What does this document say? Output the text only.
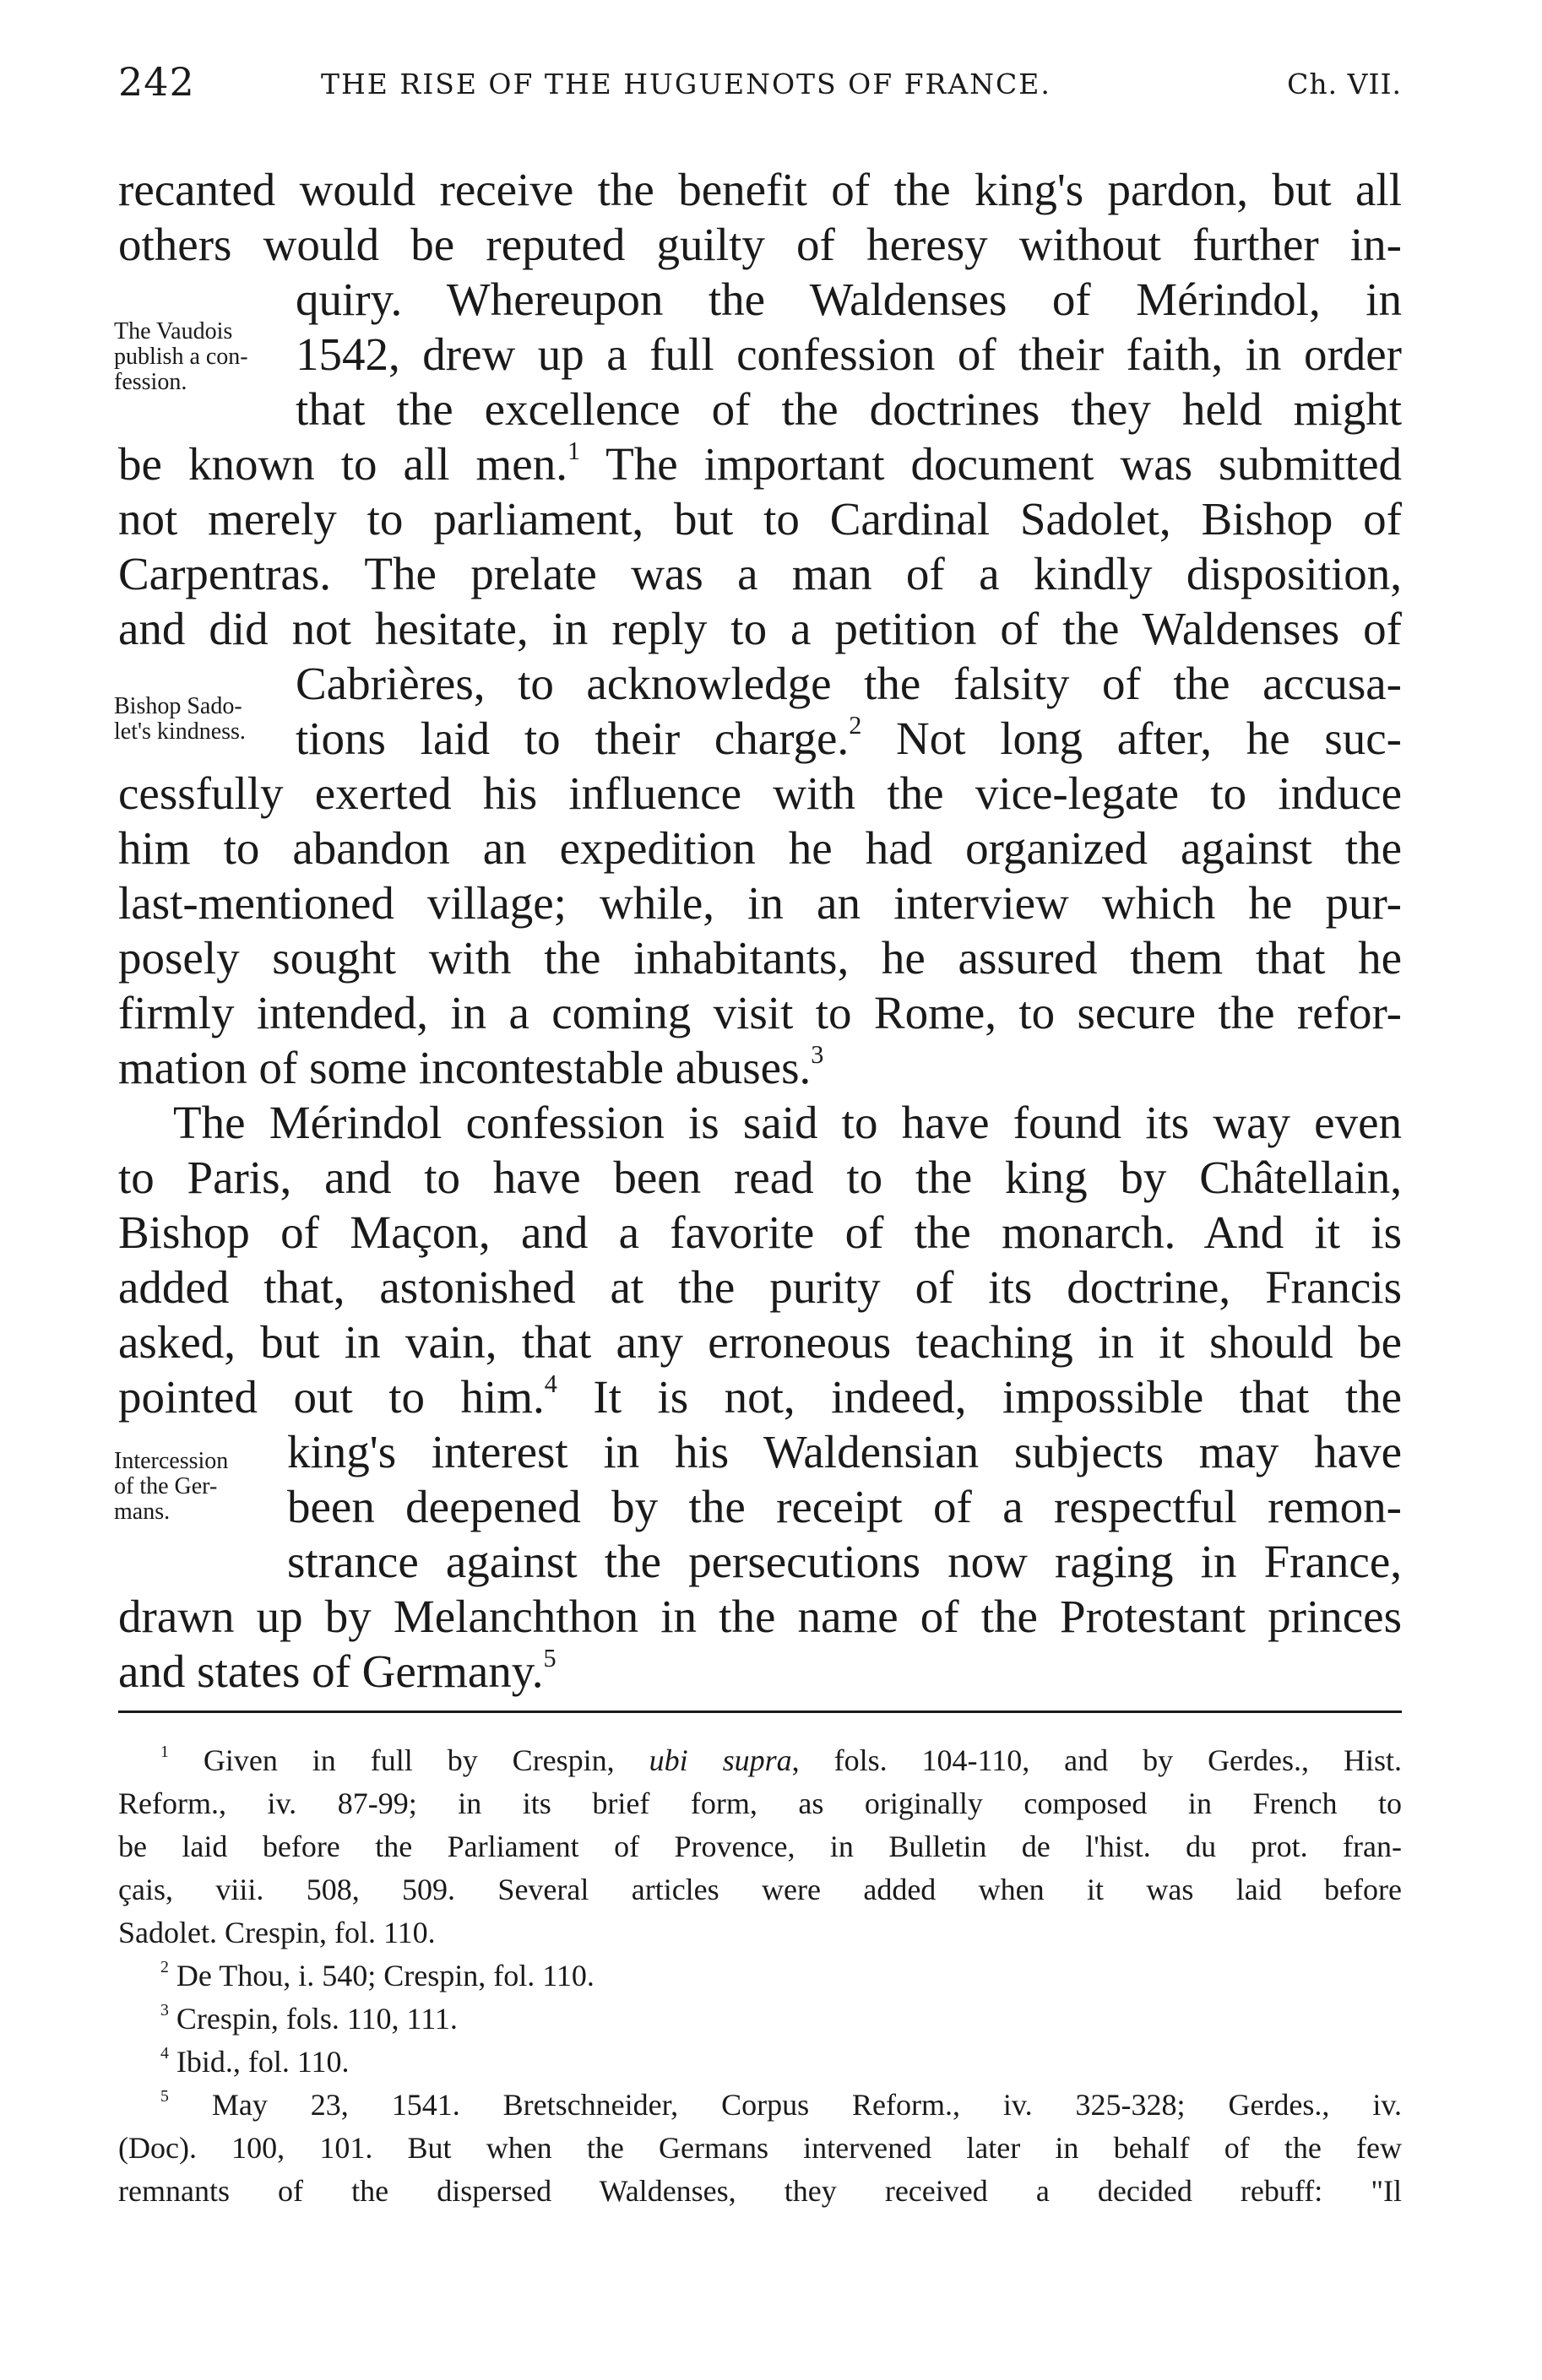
242	THE RISE OF THE HUGUENOTS OF FRANCE.	Ch. VII.
The Vaudois
publish a con-
fession.
Bishop Sado-
let's kindness.
Intercession
of the Ger-
mans.
recanted would receive the benefit of the king's pardon, but all
others would be reputed guilty of heresy without further in-
quiry. Whereupon the Waldenses of Mérindol, in
1542, drew up a full confession of their faith, in order
that the excellence of the doctrines they held might
be known to all men.$^1$ The important document was submitted
not merely to parliament, but to Cardinal Sadolet, Bishop of
Carpentras. The prelate was a man of a kindly disposition,
and did not hesitate, in reply to a petition of the Waldenses of
Cabrières, to acknowledge the falsity of the accusa-
tions laid to their charge.$^2$ Not long after, he suc-
cessfully exerted his influence with the vice-legate to induce
him to abandon an expedition he had organized against the
last-mentioned village; while, in an interview which he pur-
posely sought with the inhabitants, he assured them that he
firmly intended, in a coming visit to Rome, to secure the refor-
mation of some incontestable abuses.$^3$
The Mérindol confession is said to have found its way even
to Paris, and to have been read to the king by Châtellain,
Bishop of Maçon, and a favorite of the monarch. And it is
added that, astonished at the purity of its doctrine, Francis
asked, but in vain, that any erroneous teaching in it should be
pointed out to him.$^4$ It is not, indeed, impossible that the
king's interest in his Waldensian subjects may have
been deepened by the receipt of a respectful remon-
strance against the persecutions now raging in France,
drawn up by Melanchthon in the name of the Protestant princes
and states of Germany.$^5$
$^1$ Given in full by Crespin, ubi supra, fols. 104-110, and by Gerdes., Hist.
Reform., iv. 87-99; in its brief form, as originally composed in French to
be laid before the Parliament of Provence, in Bulletin de l'hist. du prot. fran-
çais, viii. 508, 509. Several articles were added when it was laid before
Sadolet. Crespin, fol. 110.
$^2$ De Thou, i. 540; Crespin, fol. 110.
$^3$ Crespin, fols. 110, 111.
$^4$ Ibid., fol. 110.
$^5$ May 23, 1541. Bretschneider, Corpus Reform., iv. 325-328; Gerdes., iv.
(Doc). 100, 101. But when the Germans intervened later in behalf of the few
remnants of the dispersed Waldenses, they received a decided rebuff: "Il
